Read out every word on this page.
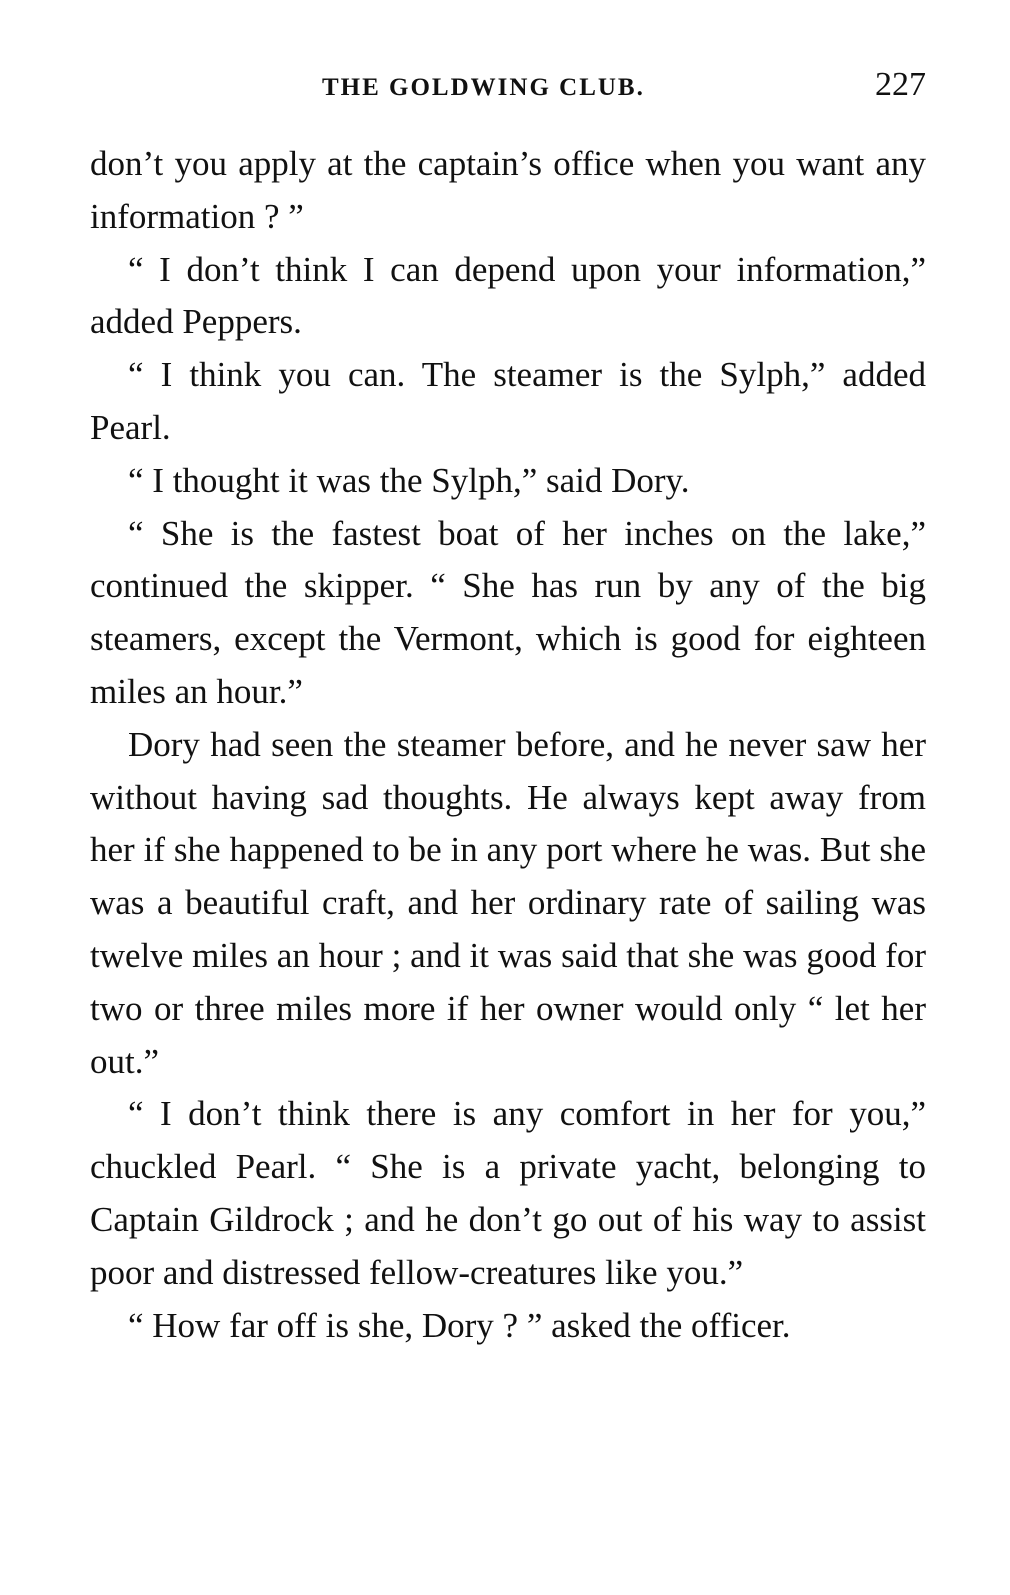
THE GOLDWING CLUB.	227

don’t you apply at the captain’s office when you want any information ? ”

“ I don’t think I can depend upon your information,” added Peppers.

“ I think you can. The steamer is the Sylph,” added Pearl.

“ I thought it was the Sylph,” said Dory.

“ She is the fastest boat of her inches on the lake,” continued the skipper. “ She has run by any of the big steamers, except the Vermont, which is good for eighteen miles an hour.”

Dory had seen the steamer before, and he never saw her without having sad thoughts. He always kept away from her if she happened to be in any port where he was. But she was a beautiful craft, and her ordinary rate of sailing was twelve miles an hour ; and it was said that she was good for two or three miles more if her owner would only “ let her out.”

“ I don’t think there is any comfort in her for you,” chuckled Pearl. “ She is a private yacht, belonging to Captain Gildrock ; and he don’t go out of his way to assist poor and distressed fellow-creatures like you.”

“ How far off is she, Dory ? ” asked the officer.
